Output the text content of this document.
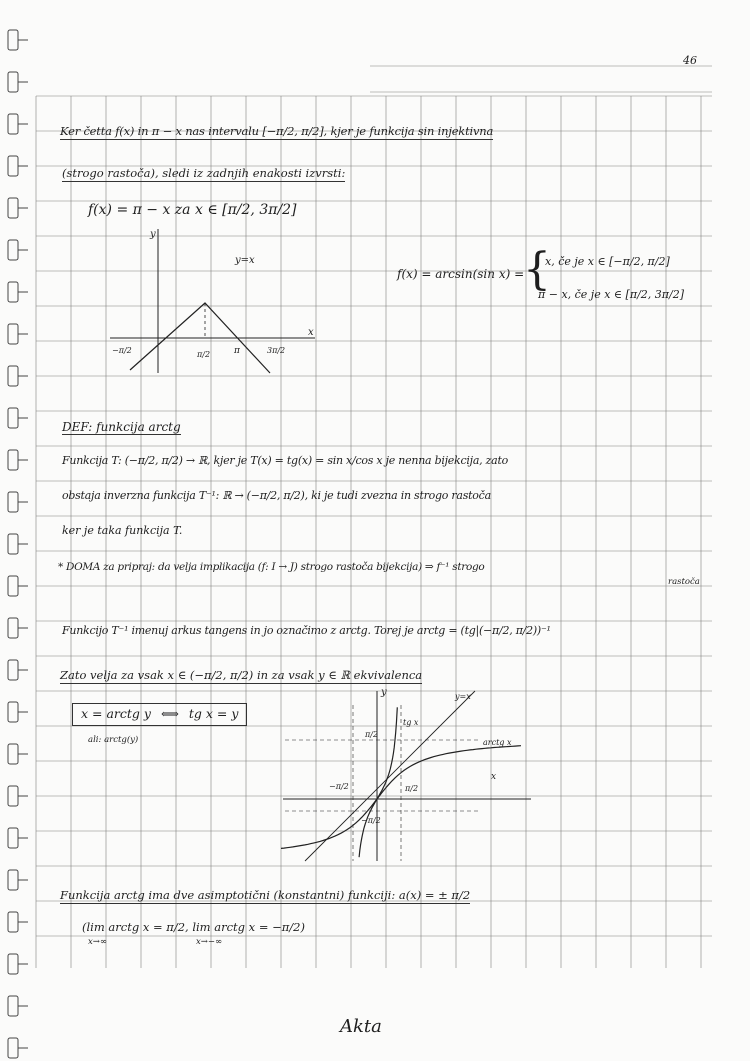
46
Ker četta f(x) in π − x nas intervalu [−π/2, π/2], kjer je funkcija sin injektivna
(strogo rastoča), sledi iz zadnjih enakosti izvrsti:
f(x) = π − x za x ∈ [π/2, 3π/2]
f(x) = arcsin(sin x) =
{
x, če je x ∈ [−π/2, π/2]
π − x, če je x ∈ [π/2, 3π/2]
y
y=x
x
−π/2	π/2	π	3π/2
DEF: funkcija arctg
Funkcija T: (−π/2, π/2) → ℝ, kjer je T(x) = tg(x) = sin x/cos x je nenna bijekcija, zato
obstaja inverzna funkcija T⁻¹: ℝ → (−π/2, π/2), ki je tudi zvezna in strogo rastoča
ker je taka funkcija T.
* DOMA za pripraj: da velja implikacija (f: I → J) strogo rastoča bijekcija) ⇒ f⁻¹ strogo
rastoča
Funkcijo T⁻¹ imenuj arkus tangens in jo označimo z arctg. Torej je arctg = (tg|(−π/2, π/2))⁻¹
Zato velja za vsak x ∈ (−π/2, π/2) in za vsak y ∈ ℝ ekvivalenca
x = arctg y ⟺ tg x = y
ali: arctg(y)
y	y=x
tg x
arctg x
π/2
−π/2
π/2
−π/2
x
Funkcija arctg ima dve asimptotični (konstantni) funkciji: a(x) = ± π/2
(lim arctg x = π/2, lim arctg x = −π/2)
x→∞	x→−∞
Akta
